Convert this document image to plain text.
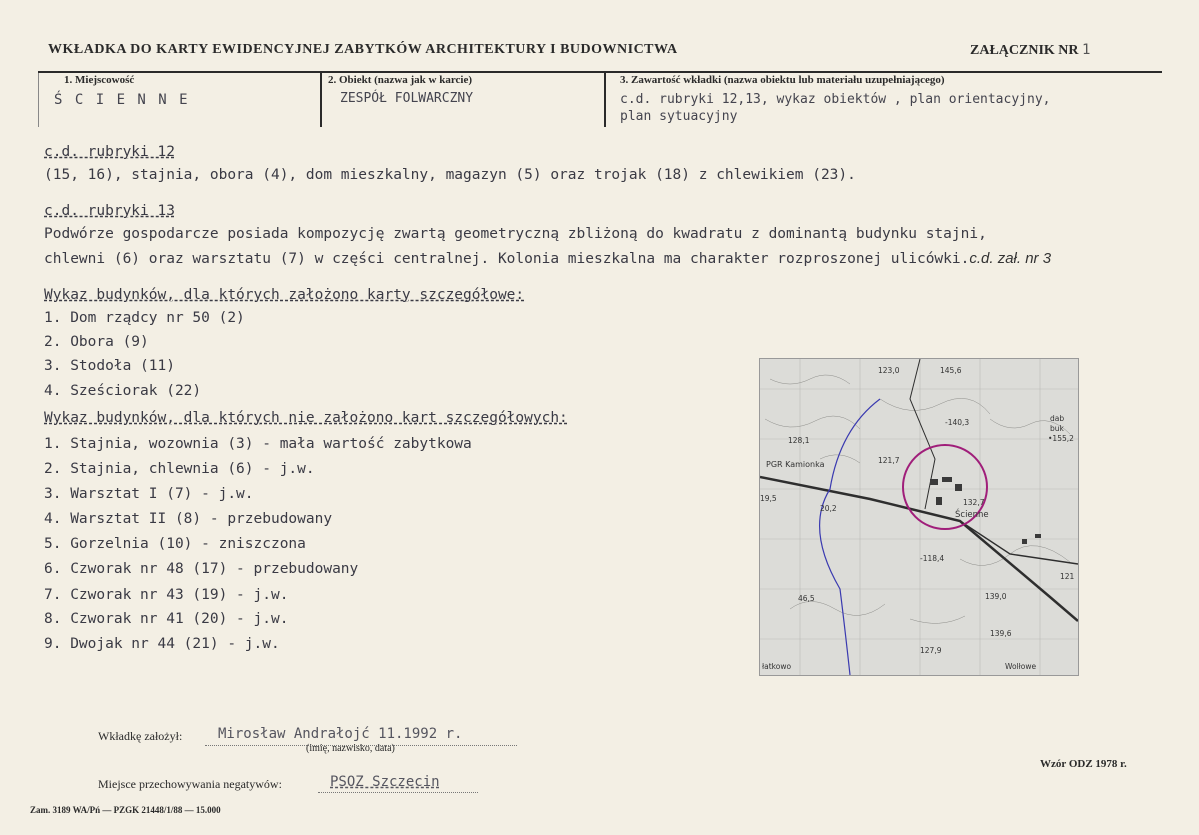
WKŁADKA DO KARTY EWIDENCYJNEJ ZABYTKÓW ARCHITEKTURY I BUDOWNICTWA	ZAŁĄCZNIK NR 1
1. Miejscowość	2. Obiekt (nazwa jak w karcie)	3. Zawartość wkładki (nazwa obiektu lub materiału uzupełniającego)
Ś C I E N N E	ZESPÓŁ FOLWARCZNY	c.d. rubryki 12,13, wykaz obiektów , plan orientacyjny,
plan sytuacyjny
c.d. rubryki 12
(15, 16), stajnia, obora (4), dom mieszkalny, magazyn (5) oraz trojak (18) z chlewikiem (23).
c.d. rubryki 13
Podwórze gospodarcze posiada kompozycję zwartą geometryczną zbliżoną do kwadratu z dominantą budynku stajni,
chlewni (6) oraz warsztatu (7) w części centralnej. Kolonia mieszkalna ma charakter rozproszonej ulicówki.c.d. zał. nr 3
Wykaz budynków, dla których założono karty szczegółowe:
1. Dom rządcy nr 50 (2)
2. Obora (9)
3. Stodoła (11)
4. Sześciorak (22)
Wykaz budynków, dla których nie założono kart szczegółowych:
1. Stajnia, wozownia (3) - mała wartość zabytkowa
2. Stajnia, chlewnia (6) - j.w.
3. Warsztat I (7) - j.w.
4. Warsztat II (8) - przebudowany
5. Gorzelnia (10) - zniszczona
6. Czworak nr 48 (17) - przebudowany
7. Czworak nr 43 (19) - j.w.
8. Czworak nr 41 (20) - j.w.
9. Dwojak nr 44 (21) - j.w.
123,0	145,6
-140,3	dab
buk
•155,2
128,1
PGR Kamionka	121,7
19,5
20,2
132,7
Ścienne
-118,4
121
139,0
139,6
127,9
łatkowo	Wolłowe
46,5
Wkładkę założył:	Mirosław Andrałojć 11.1992 r.
(imię, nazwisko, data)
Wzór ODZ 1978 r.
Miejsce przechowywania negatywów:	PSOZ Szczecin
Zam. 3189 WA/Pń — PZGK 21448/1/88 — 15.000
